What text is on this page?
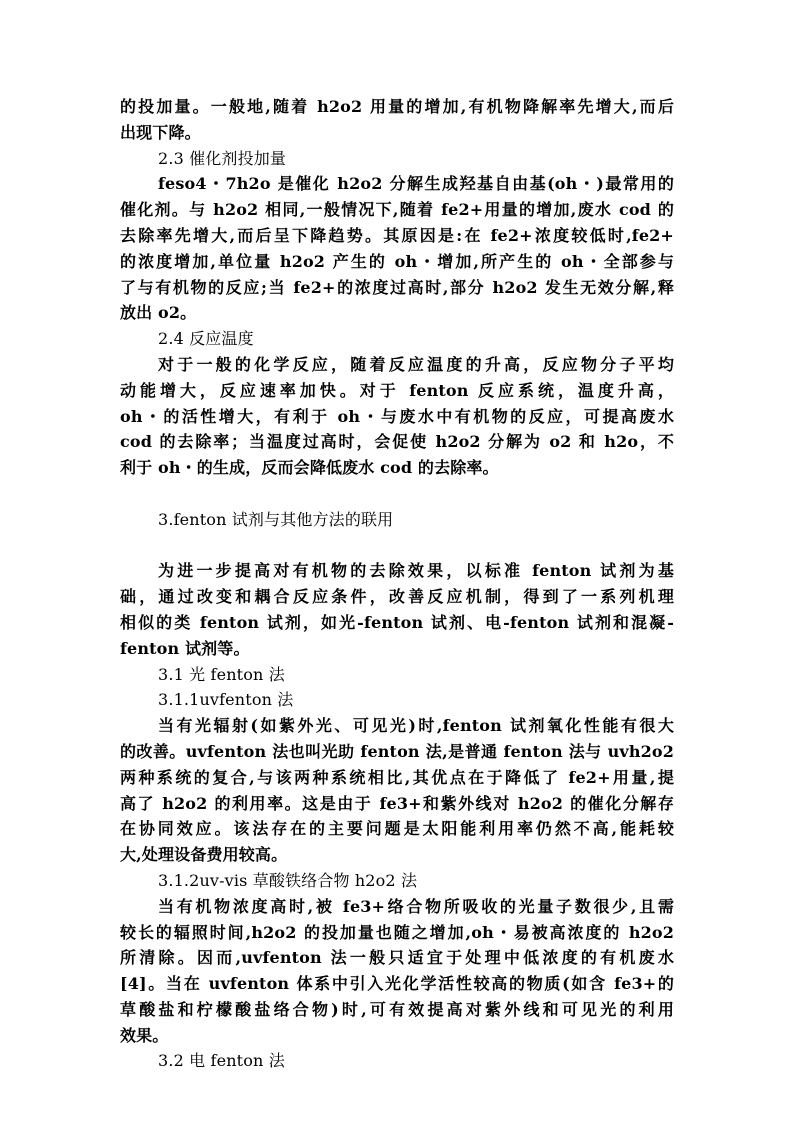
的投加量。一般地,随着 h2o2 用量的增加,有机物降解率先增大,而后
出现下降。
2.3 催化剂投加量
feso4・7h2o 是催化 h2o2 分解生成羟基自由基(oh・)最常用的
催化剂。与 h2o2 相同,一般情况下,随着 fe2+用量的增加,废水 cod 的
去除率先增大,而后呈下降趋势。其原因是:在 fe2+浓度较低时,fe2+
的浓度增加,单位量 h2o2 产生的 oh・增加,所产生的 oh・全部参与
了与有机物的反应;当 fe2+的浓度过高时,部分 h2o2 发生无效分解,释
放出 o2。
2.4 反应温度
对于一般的化学反应，随着反应温度的升高，反应物分子平均
动能增大，反应速率加快。对于 fenton 反应系统，温度升高，
oh・的活性增大，有利于 oh・与废水中有机物的反应，可提高废水
cod 的去除率；当温度过高时，会促使 h2o2 分解为 o2 和 h2o，不
利于 oh・的生成，反而会降低废水 cod 的去除率。
3.fenton 试剂与其他方法的联用
为进一步提高对有机物的去除效果，以标准 fenton 试剂为基
础，通过改变和耦合反应条件，改善反应机制，得到了一系列机理
相似的类 fenton 试剂，如光-fenton 试剂、电-fenton 试剂和混凝-
fenton 试剂等。
3.1 光 fenton 法
3.1.1uvfenton 法
当有光辐射(如紫外光、可见光)时,fenton 试剂氧化性能有很大
的改善。uvfenton 法也叫光助 fenton 法,是普通 fenton 法与 uvh2o2
两种系统的复合,与该两种系统相比,其优点在于降低了 fe2+用量,提
高了 h2o2 的利用率。这是由于 fe3+和紫外线对 h2o2 的催化分解存
在协同效应。该法存在的主要问题是太阳能利用率仍然不高,能耗较
大,处理设备费用较高。
3.1.2uv-vis 草酸铁络合物 h2o2 法
当有机物浓度高时,被 fe3+络合物所吸收的光量子数很少,且需
较长的辐照时间,h2o2 的投加量也随之增加,oh・易被高浓度的 h2o2
所清除。因而,uvfenton 法一般只适宜于处理中低浓度的有机废水
[4]。当在 uvfenton 体系中引入光化学活性较高的物质(如含 fe3+的
草酸盐和柠檬酸盐络合物)时,可有效提高对紫外线和可见光的利用
效果。
3.2 电 fenton 法
